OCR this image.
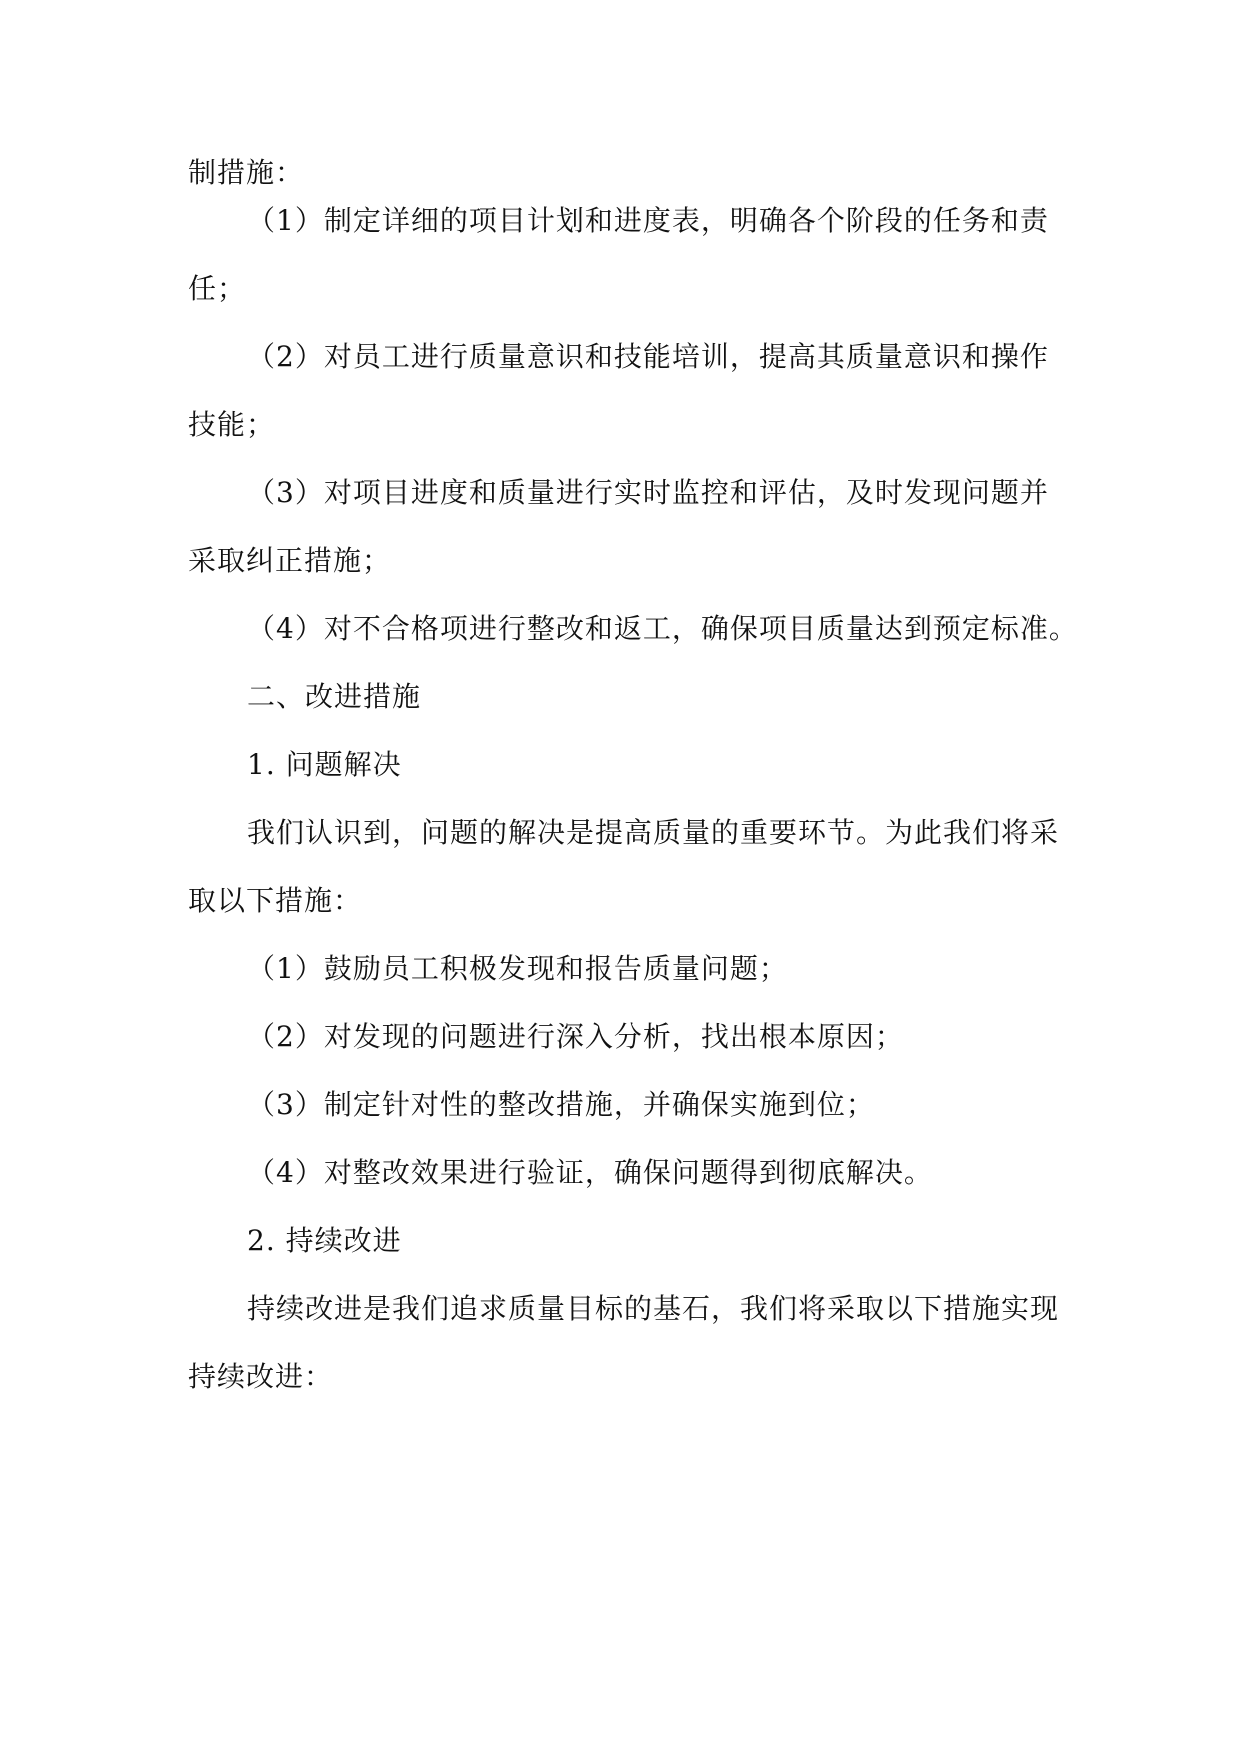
制措施：
（1）制定详细的项目计划和进度表，明确各个阶段的任务和责
任；
（2）对员工进行质量意识和技能培训，提高其质量意识和操作
技能；
（3）对项目进度和质量进行实时监控和评估，及时发现问题并
采取纠正措施；
（4）对不合格项进行整改和返工，确保项目质量达到预定标准。
二、改进措施
1. 问题解决
我们认识到，问题的解决是提高质量的重要环节。为此我们将采
取以下措施：
（1）鼓励员工积极发现和报告质量问题；
（2）对发现的问题进行深入分析，找出根本原因；
（3）制定针对性的整改措施，并确保实施到位；
（4）对整改效果进行验证，确保问题得到彻底解决。
2. 持续改进
持续改进是我们追求质量目标的基石，我们将采取以下措施实现
持续改进：
